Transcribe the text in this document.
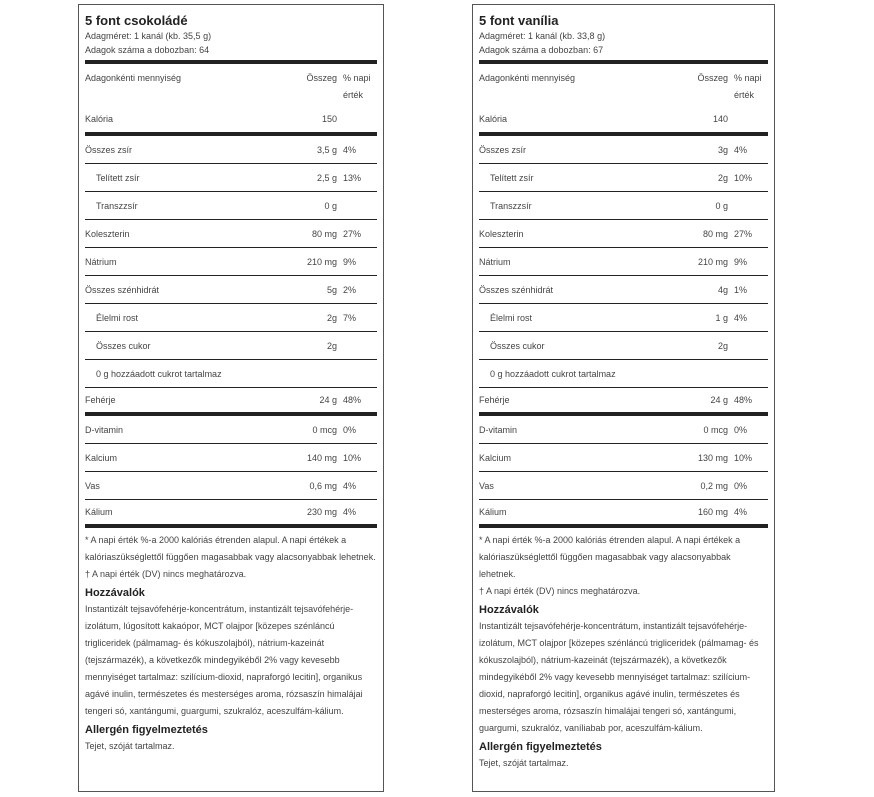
5 font csokoládé
Adagméret: 1 kanál (kb. 35,5 g)
Adagok száma a dobozban: 64
Adagonkénti mennyiség	Összeg % napi érték
Kalória	150
Összes zsír	3,5 g 4%
Telített zsír	2,5 g 13%
Transzzsír	0 g
Koleszterin	80 mg 27%
Nátrium	210 mg 9%
Összes szénhidrát	5g 2%
Élelmi rost	2g 7%
Összes cukor	2g
0 g hozzáadott cukrot tartalmaz
Fehérje	24 g 48%
D-vitamin	0 mcg 0%
Kalcium	140 mg 10%
Vas	0,6 mg 4%
Kálium	230 mg 4%
* A napi érték %-a 2000 kalóriás étrenden alapul. A napi értékek a kalóriaszükséglettől függően magasabbak vagy alacsonyabbak lehetnek.
† A napi érték (DV) nincs meghatározva.
Hozzávalók
Instantizált tejsavófehérje-koncentrátum, instantizált tejsavófehérje-izolátum, lúgosított kakaópor, MCT olajpor [közepes szénláncú trigliceridek (pálmamag- és kókuszolajból), nátrium-kazeinát (tejszármazék), a következők mindegyikéből 2% vagy kevesebb mennyiséget tartalmaz: szilícium-dioxid, napraforgó lecitin], organikus agávé inulin, természetes és mesterséges aroma, rózsaszín himalájai tengeri só, xantángumi, guargumi, szukralóz, aceszulfám-kálium.
Allergén figyelmeztetés
Tejet, szóját tartalmaz.
5 font vanília
Adagméret: 1 kanál (kb. 33,8 g)
Adagok száma a dobozban: 67
Adagonkénti mennyiség	Összeg % napi érték
Kalória	140
Összes zsír	3g 4%
Telített zsír	2g 10%
Transzzsír	0 g
Koleszterin	80 mg 27%
Nátrium	210 mg 9%
Összes szénhidrát	4g 1%
Élelmi rost	1 g 4%
Összes cukor	2g
0 g hozzáadott cukrot tartalmaz
Fehérje	24 g 48%
D-vitamin	0 mcg 0%
Kalcium	130 mg 10%
Vas	0,2 mg 0%
Kálium	160 mg 4%
* A napi érték %-a 2000 kalóriás étrenden alapul. A napi értékek a kalóriaszükséglettől függően magasabbak vagy alacsonyabbak lehetnek.
† A napi érték (DV) nincs meghatározva.
Hozzávalók
Instantizált tejsavófehérje-koncentrátum, instantizált tejsavófehérje-izolátum, MCT olajpor [közepes szénláncú trigliceridek (pálmamag- és kókuszolajból), nátrium-kazeinát (tejszármazék), a következők mindegyikéből 2% vagy kevesebb mennyiséget tartalmaz: szilícium-dioxid, napraforgó lecitin], organikus agávé inulin, természetes és mesterséges aroma, rózsaszín himalájai tengeri só, xantángumi, guargumi, szukralóz, vaníliabab por, aceszulfám-kálium.
Allergén figyelmeztetés
Tejet, szóját tartalmaz.
